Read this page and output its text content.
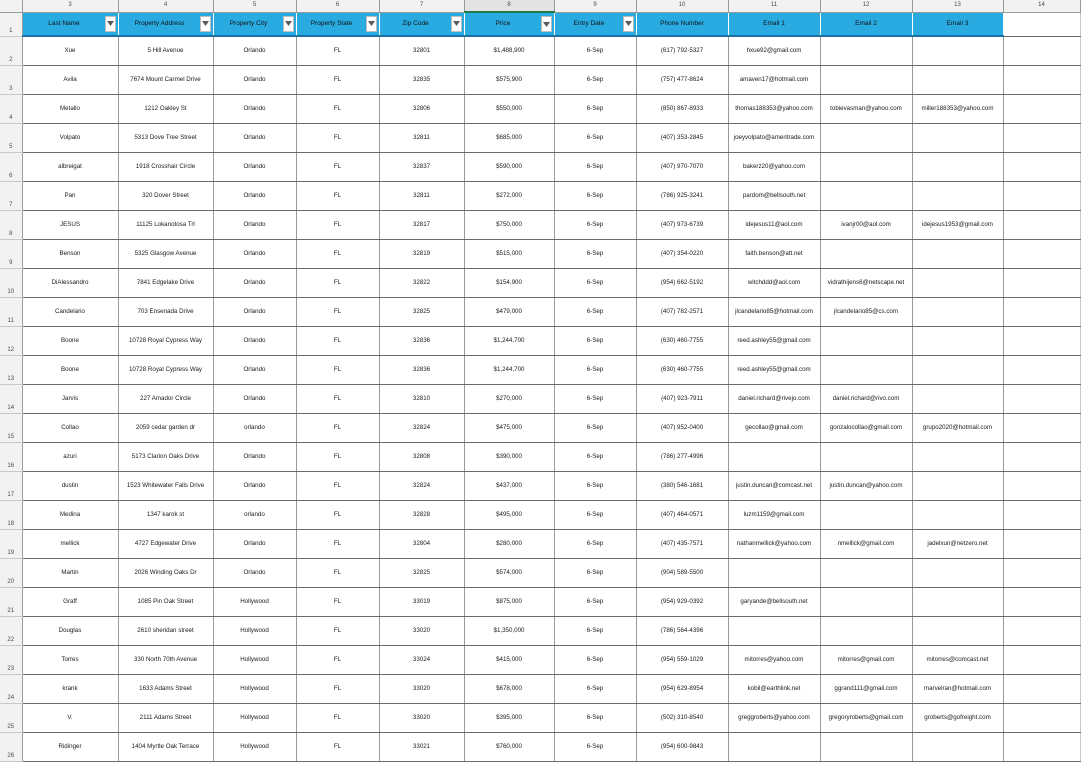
	3	4	5	6	7	8	9	10	11	12	13	14
1	Last Name	Property Address	Property City	Property State	Zip Code	Price	Entry Date	Phone Number	Email 1	Email 2	Email 3	

2	Xue	5 Hill Avenue	Orlando	FL	32801	$1,488,900	6-Sep	(617) 792-5327	hxue92@gmail.com			
3	Avila	7674 Mount Carmel Drive	Orlando	FL	32835	$575,900	6-Sep	(757) 477-8624	amaven17@hotmail.com			
4	Metallo	1212 Oakley St	Orlando	FL	32806	$550,000	6-Sep	(850) 867-8933	thomas188353@yahoo.com	tobievasman@yahoo.com	miller188353@yahoo.com	
5	Volpato	5313 Dove Tree Street	Orlando	FL	32811	$685,000	6-Sep	(407) 353-2845	joeyvolpato@ameritrade.com			
6	albreigat	1918 Crosshair Circle	Orlando	FL	32837	$590,000	6-Sep	(407) 970-7070	bakerz20@yahoo.com			
7	Pan	320 Dover Street	Orlando	FL	32811	$272,000	6-Sep	(786) 925-3241	pardom@bellsouth.net			
8	JESUS	11125 Lokanotosa Trl	Orlando	FL	32817	$750,000	6-Sep	(407) 973-6739	idejesus11@aol.com	ivanjr00@aol.com	idejesus1953@gmail.com	
9	Benson	5325 Glasgow Avenue	Orlando	FL	32819	$515,000	6-Sep	(407) 354-0220	faith.benson@att.net			
10	DiAlessandro	7841 Edgelake Drive	Orlando	FL	32822	$154,900	6-Sep	(954) 662-5192	witchddd@aol.com	vidrathijens6@netscape.net		
11	Candelario	703 Ensenada Drive	Orlando	FL	32825	$479,000	6-Sep	(407) 782-2571	jlcandelario85@hotmail.com	jlcandelario85@cs.com		
12	Boone	10728 Royal Cypress Way	Orlando	FL	32836	$1,244,700	6-Sep	(630) 460-7755	reed.ashley55@gmail.com			
13	Boone	10728 Royal Cypress Way	Orlando	FL	32836	$1,244,700	6-Sep	(630) 460-7755	reed.ashley55@gmail.com			
14	Jarvis	227 Amador Circle	Orlando	FL	32810	$270,000	6-Sep	(407) 923-7911	daniel.richard@rivejo.com	daniel.richard@rivo.com		
15	Collao	2059 cedar garden dr	orlando	FL	32824	$475,000	6-Sep	(407) 952-0400	gecollao@gmail.com	gonzalocollao@gmail.com	grupo2020@hotmail.com	
16	azuri	5173 Clarion Oaks Drive	Orlando	FL	32808	$390,000	6-Sep	(786) 277-4996				
17	dustin	1523 Whitewater Falls Drive	Orlando	FL	32824	$437,000	6-Sep	(380) 546-1681	justin.duncan@comcast.net	justin.duncan@yahoo.com		
18	Medina	1347 karok st	orlando	FL	32828	$495,000	6-Sep	(407) 464-0571	luzm1159@gmail.com			
19	mellick	4727 Edgewater Drive	Orlando	FL	32804	$280,000	6-Sep	(407) 435-7571	nathanmellick@yahoo.com	nmellick@gmail.com	jadelxun@netzero.net	
20	Martin	2026 Winding Oaks Dr	Orlando	FL	32825	$574,000	6-Sep	(904) 589-5500				
21	Graff	1085 Pin Oak Street	Hollywood	FL	33019	$875,000	6-Sep	(954) 929-0392	garyande@bellsouth.net			
22	Douglas	2610 sheridan street	Hollywood	FL	33020	$1,350,000	6-Sep	(786) 564-4396				
23	Torres	330 North 70th Avenue	Hollywood	FL	33024	$415,000	6-Sep	(954) 559-1029	mitorres@yahoo.com	mitorres@gmail.com	mitorres@comcast.net	
24	krank	1633 Adams Street	Hollywood	FL	33020	$678,000	6-Sep	(954) 629-8954	kobil@earthlink.net	ggrand111@gmail.com	marvelran@hotmail.com	
25	V.	2111 Adams Street	Hollywood	FL	33020	$395,000	6-Sep	(502) 310-8540	greggroberts@yahoo.com	gregoryroberts@gmail.com	groberts@gofreight.com	
26	Ridinger	1404 Myrtle Oak Terrace	Hollywood	FL	33021	$760,000	6-Sep	(954) 600-9843				
